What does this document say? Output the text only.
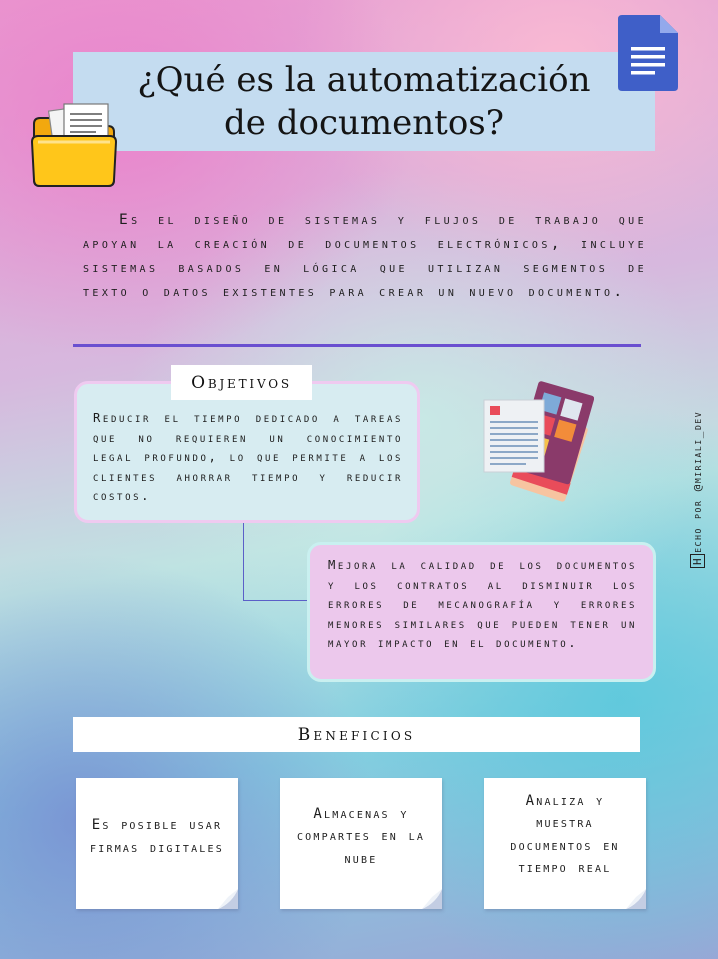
¿Qué es la automatización de documentos?

Es el diseño de sistemas y flujos de trabajo que apoyan la creación de documentos electrónicos, incluye sistemas basados en lógica que utilizan segmentos de texto o datos existentes para crear un nuevo documento.

Objetivos
Reducir el tiempo dedicado a tareas que no requieren un conocimiento legal profundo, lo que permite a los clientes ahorrar tiempo y reducir costos.
Mejora la calidad de los documentos y los contratos al disminuir los errores de mecanografía y errores menores similares que pueden tener un mayor impacto en el documento.
Hecho por @miriali_dev
Beneficios
Es posible usar firmas digitales
Almacenas y compartes en la nube
Analiza y muestra documentos en tiempo real
